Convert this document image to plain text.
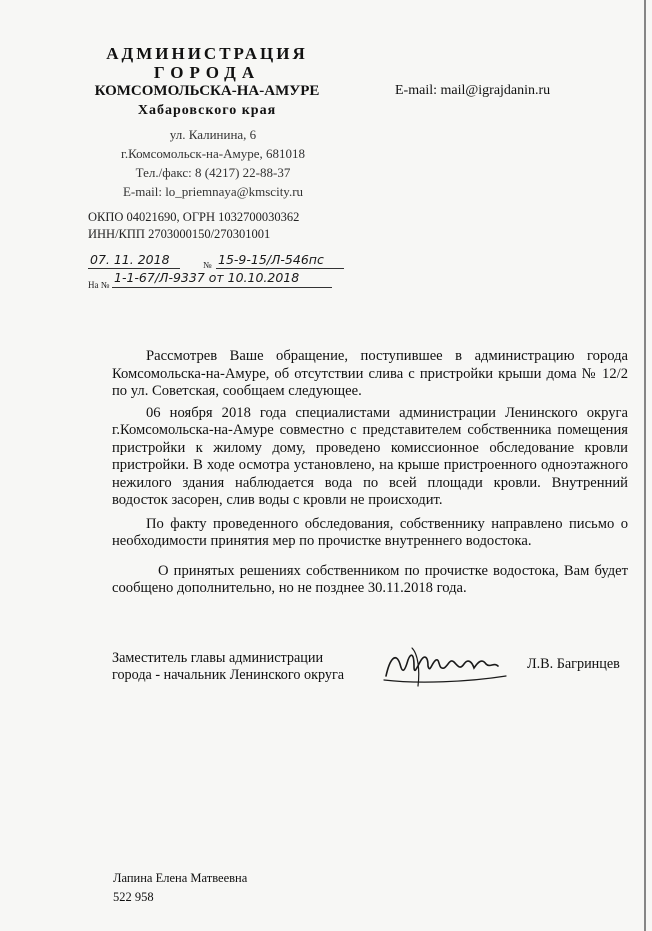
АДМИНИСТРАЦИЯ
ГОРОДА
КОМСОМОЛЬСКА-НА-АМУРЕ
Хабаровского края
ул. Калинина, 6
г.Комсомольск-на-Амуре, 681018
Тел./факс: 8 (4217) 22-88-37
E-mail: lo_priemnaya@kmscity.ru
ОКПО 04021690, ОГРН 1032700030362
ИНН/КПП 2703000150/270301001
07. 11. 2018	№ 15-9-15/Л-546пс
На № 1-1-67/Л-9337 от 10.10.2018
E-mail: mail@igrajdanin.ru

Рассмотрев Ваше обращение, поступившее в администрацию города Комсомольска-на-Амуре, об отсутствии слива с пристройки крыши дома № 12/2 по ул. Советская, сообщаем следующее.

06 ноября 2018 года специалистами администрации Ленинского округа г.Комсомольска-на-Амуре совместно с представителем собственника помещения пристройки к жилому дому, проведено комиссионное обследование кровли пристройки. В ходе осмотра установлено, на крыше пристроенного одноэтажного нежилого здания наблюдается вода по всей площади кровли. Внутренний водосток засорен, слив воды с кровли не происходит.

По факту проведенного обследования, собственнику направлено письмо о необходимости принятия мер по прочистке внутреннего водостока.

О принятых решениях собственником по прочистке водостока, Вам будет сообщено дополнительно, но не позднее 30.11.2018 года.

Заместитель главы администрации
города - начальник Ленинского округа
Л.В. Багринцев
Лапина Елена Матвеевна
522 958
